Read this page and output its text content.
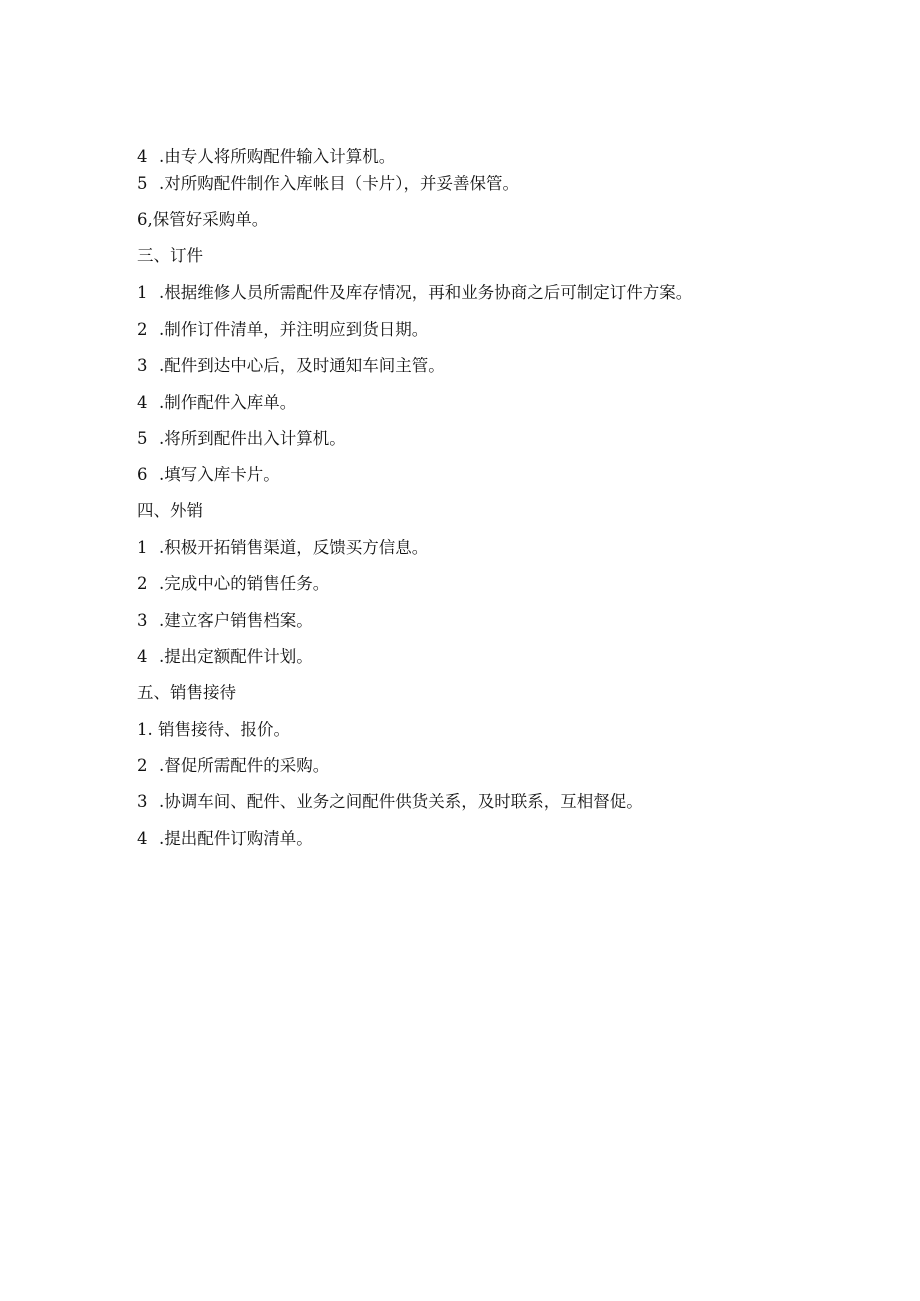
4 .由专人将所购配件输入计算机。
5 .对所购配件制作入库帐目（卡片），并妥善保管。
6,保管好采购单。
三、订件
1 .根据维修人员所需配件及库存情况，再和业务协商之后可制定订件方案。
2 .制作订件清单，并注明应到货日期。
3 .配件到达中心后，及时通知车间主管。
4 .制作配件入库单。
5 .将所到配件出入计算机。
6 .填写入库卡片。
四、外销
1 .积极开拓销售渠道，反馈买方信息。
2 .完成中心的销售任务。
3 .建立客户销售档案。
4 .提出定额配件计划。
五、销售接待
1. 销售接待、报价。
2 .督促所需配件的采购。
3 .协调车间、配件、业务之间配件供货关系，及时联系，互相督促。
4 .提出配件订购清单。
